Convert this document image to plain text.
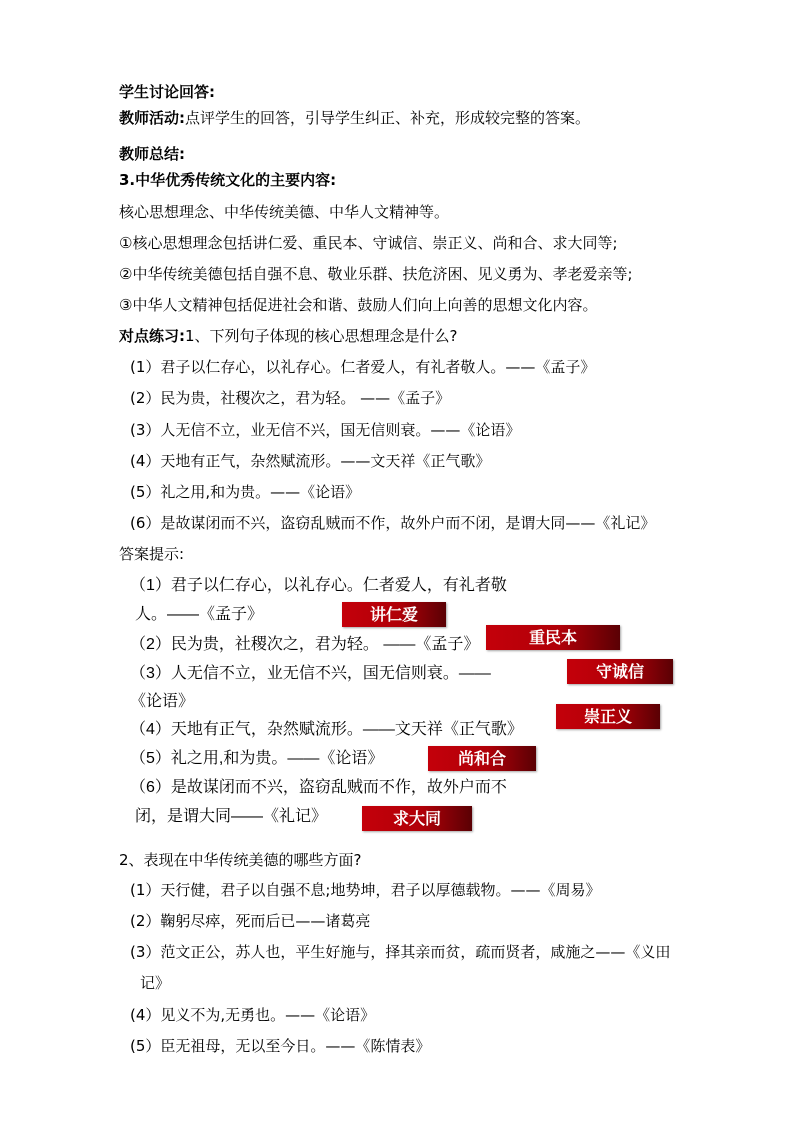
学生讨论回答:
教师活动:点评学生的回答，引导学生纠正、补充，形成较完整的答案。
教师总结:
3.中华优秀传统文化的主要内容:
核心思想理念、中华传统美德、中华人文精神等。
①核心思想理念包括讲仁爱、重民本、守诚信、崇正义、尚和合、求大同等;
②中华传统美德包括自强不息、敬业乐群、扶危济困、见义勇为、孝老爱亲等;
③中华人文精神包括促进社会和谐、鼓励人们向上向善的思想文化内容。
对点练习:1、下列句子体现的核心思想理念是什么?
(1）君子以仁存心，以礼存心。仁者爱人，有礼者敬人。——《孟子》
(2）民为贵，社稷次之，君为轻。 ——《孟子》
(3）人无信不立，业无信不兴，国无信则衰。——《论语》
(4）天地有正气，杂然赋流形。——文天祥《正气歌》
(5）礼之用,和为贵。——《论语》
(6）是故谋闭而不兴，盗窃乱贼而不作，故外户而不闭，是谓大同——《礼记》
答案提示:
（1）君子以仁存心，以礼存心。仁者爱人，有礼者敬
人。——《孟子》
（2）民为贵，社稷次之，君为轻。 ——《孟子》
（3）人无信不立，业无信不兴，国无信则衰。——
《论语》
（4）天地有正气，杂然赋流形。——文天祥《正气歌》
（5）礼之用,和为贵。——《论语》
（6）是故谋闭而不兴，盗窃乱贼而不作，故外户而不
闭，是谓大同——《礼记》
讲仁爱
重民本
守诚信
崇正义
尚和合
求大同
2、表现在中华传统美德的哪些方面?
(1）天行健，君子以自强不息;地势坤，君子以厚德载物。——《周易》
(2）鞠躬尽瘁，死而后已——诸葛亮
(3）范文正公，苏人也，平生好施与，择其亲而贫，疏而贤者，咸施之——《义田
记》
(4）见义不为,无勇也。——《论语》
(5）臣无祖母，无以至今日。——《陈情表》
